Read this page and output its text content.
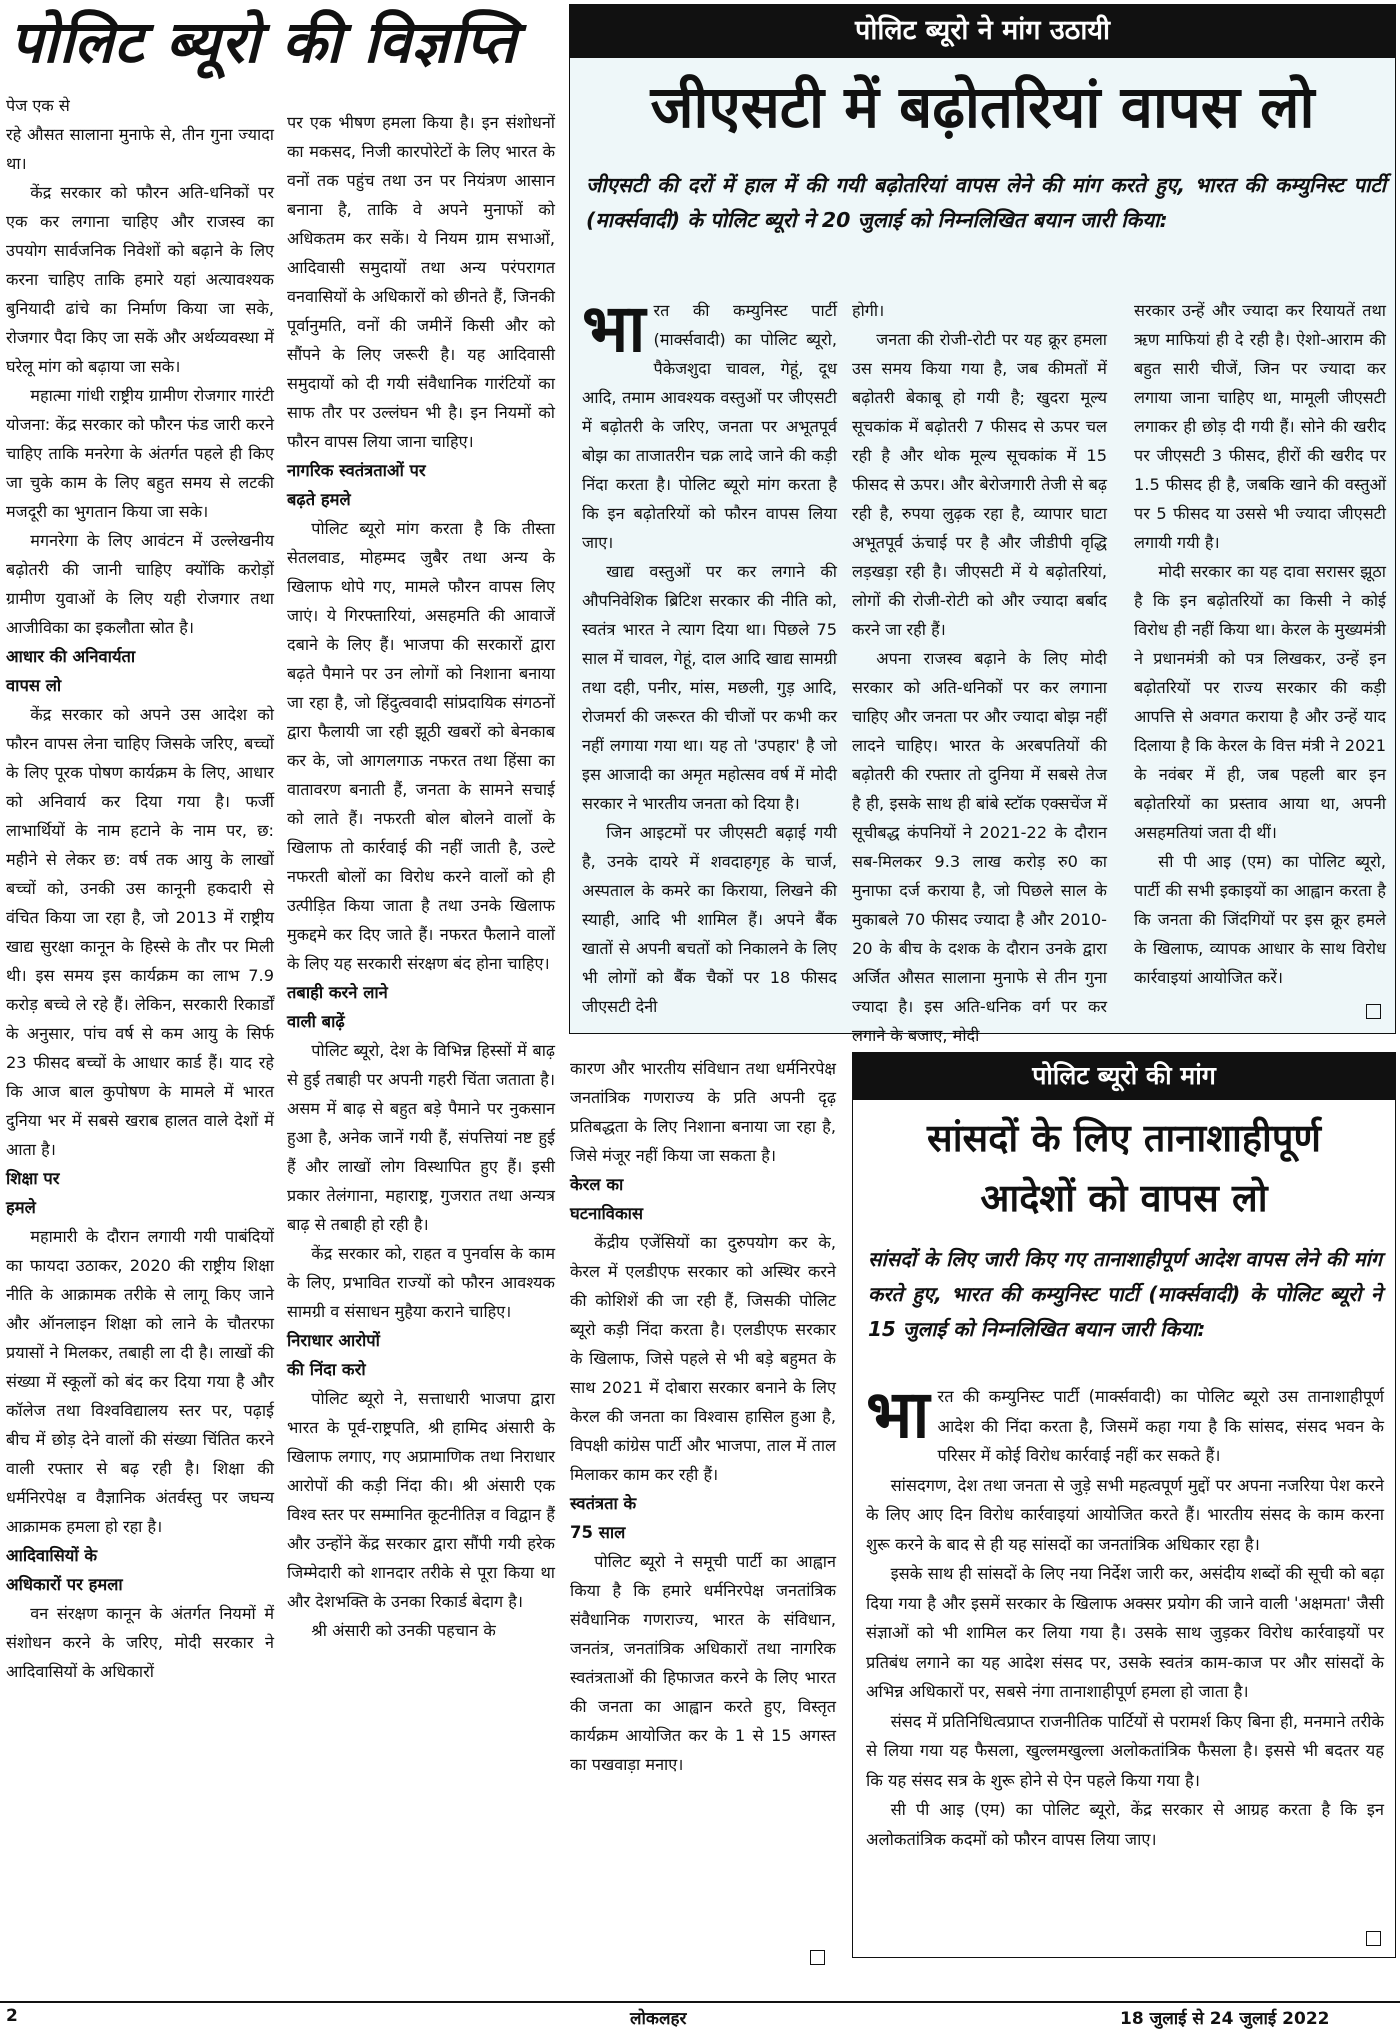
पोलिट ब्यूरो की विज्ञप्ति

पेज एक से

रहे औसत सालाना मुनाफे से, तीन गुना ज्यादा था।

केंद्र सरकार को फौरन अति-धनिकों पर एक कर लगाना चाहिए और राजस्व का उपयोग सार्वजनिक निवेशों को बढ़ाने के लिए करना चाहिए ताकि हमारे यहां अत्यावश्यक बुनियादी ढांचे का निर्माण किया जा सके, रोजगार पैदा किए जा सकें और अर्थव्यवस्था में घरेलू मांग को बढ़ाया जा सके।

महात्मा गांधी राष्ट्रीय ग्रामीण रोजगार गारंटी योजना: केंद्र सरकार को फौरन फंड जारी करने चाहिए ताकि मनरेगा के अंतर्गत पहले ही किए जा चुके काम के लिए बहुत समय से लटकी मजदूरी का भुगतान किया जा सके।

मगनरेगा के लिए आवंटन में उल्लेखनीय बढ़ोतरी की जानी चाहिए क्योंकि करोड़ों ग्रामीण युवाओं के लिए यही रोजगार तथा आजीविका का इकलौता स्रोत है।

आधार की अनिवार्यता

वापस लो

केंद्र सरकार को अपने उस आदेश को फौरन वापस लेना चाहिए जिसके जरिए, बच्चों के लिए पूरक पोषण कार्यक्रम के लिए, आधार को अनिवार्य कर दिया गया है। फर्जी लाभार्थियों के नाम हटाने के नाम पर, छ: महीने से लेकर छ: वर्ष तक आयु के लाखों बच्चों को, उनकी उस कानूनी हकदारी से वंचित किया जा रहा है, जो 2013 में राष्ट्रीय खाद्य सुरक्षा कानून के हिस्से के तौर पर मिली थी। इस समय इस कार्यक्रम का लाभ 7.9 करोड़ बच्चे ले रहे हैं। लेकिन, सरकारी रिकार्डों के अनुसार, पांच वर्ष से कम आयु के सिर्फ 23 फीसद बच्चों के आधार कार्ड हैं। याद रहे कि आज बाल कुपोषण के मामले में भारत दुनिया भर में सबसे खराब हालत वाले देशों में आता है।

शिक्षा पर

हमले

महामारी के दौरान लगायी गयी पाबंदियों का फायदा उठाकर, 2020 की राष्ट्रीय शिक्षा नीति के आक्रामक तरीके से लागू किए जाने और ऑनलाइन शिक्षा को लाने के चौतरफा प्रयासों ने मिलकर, तबाही ला दी है। लाखों की संख्या में स्कूलों को बंद कर दिया गया है और कॉलेज तथा विश्वविद्यालय स्तर पर, पढ़ाई बीच में छोड़ देने वालों की संख्या चिंतित करने वाली रफ्तार से बढ़ रही है। शिक्षा की धर्मनिरपेक्ष व वैज्ञानिक अंतर्वस्तु पर जघन्य आक्रामक हमला हो रहा है।

आदिवासियों के

अधिकारों पर हमला

वन संरक्षण कानून के अंतर्गत नियमों में संशोधन करने के जरिए, मोदी सरकार ने आदिवासियों के अधिकारों

पर एक भीषण हमला किया है। इन संशोधनों का मकसद, निजी कारपोरेटों के लिए भारत के वनों तक पहुंच तथा उन पर नियंत्रण आसान बनाना है, ताकि वे अपने मुनाफों को अधिकतम कर सकें। ये नियम ग्राम सभाओं, आदिवासी समुदायों तथा अन्य परंपरागत वनवासियों के अधिकारों को छीनते हैं, जिनकी पूर्वानुमति, वनों की जमीनें किसी और को सौंपने के लिए जरूरी है। यह आदिवासी समुदायों को दी गयी संवैधानिक गारंटियों का साफ तौर पर उल्लंघन भी है। इन नियमों को फौरन वापस लिया जाना चाहिए।

नागरिक स्वतंत्रताओं पर

बढ़ते हमले

पोलिट ब्यूरो मांग करता है कि तीस्ता सेतलवाड, मोहम्मद जुबैर तथा अन्य के खिलाफ थोपे गए, मामले फौरन वापस लिए जाएं। ये गिरफ्तारियां, असहमति की आवाजें दबाने के लिए हैं। भाजपा की सरकारों द्वारा बढ़ते पैमाने पर उन लोगों को निशाना बनाया जा रहा है, जो हिंदुत्ववादी सांप्रदायिक संगठनों द्वारा फैलायी जा रही झूठी खबरों को बेनकाब कर के, जो आगलगाऊ नफरत तथा हिंसा का वातावरण बनाती हैं, जनता के सामने सचाई को लाते हैं। नफरती बोल बोलने वालों के खिलाफ तो कार्रवाई की नहीं जाती है, उल्टे नफरती बोलों का विरोध करने वालों को ही उत्पीड़ित किया जाता है तथा उनके खिलाफ मुकद्दमे कर दिए जाते हैं। नफरत फैलाने वालों के लिए यह सरकारी संरक्षण बंद होना चाहिए।

तबाही करने लाने

वाली बाढ़ें

पोलिट ब्यूरो, देश के विभिन्न हिस्सों में बाढ़ से हुई तबाही पर अपनी गहरी चिंता जताता है। असम में बाढ़ से बहुत बड़े पैमाने पर नुकसान हुआ है, अनेक जानें गयी हैं, संपत्तियां नष्ट हुई हैं और लाखों लोग विस्थापित हुए हैं। इसी प्रकार तेलंगाना, महाराष्ट्र, गुजरात तथा अन्यत्र बाढ़ से तबाही हो रही है।

केंद्र सरकार को, राहत व पुनर्वास के काम के लिए, प्रभावित राज्यों को फौरन आवश्यक सामग्री व संसाधन मुहैया कराने चाहिए।

निराधार आरोपों

की निंदा करो

पोलिट ब्यूरो ने, सत्ताधारी भाजपा द्वारा भारत के पूर्व-राष्ट्रपति, श्री हामिद अंसारी के खिलाफ लगाए, गए अप्रामाणिक तथा निराधार आरोपों की कड़ी निंदा की। श्री अंसारी एक विश्व स्तर पर सम्मानित कूटनीतिज्ञ व विद्वान हैं और उन्होंने केंद्र सरकार द्वारा सौंपी गयी हरेक जिम्मेदारी को शानदार तरीके से पूरा किया था और देशभक्ति के उनका रिकार्ड बेदाग है।

श्री अंसारी को उनकी पहचान के

कारण और भारतीय संविधान तथा धर्मनिरपेक्ष जनतांत्रिक गणराज्य के प्रति अपनी दृढ़ प्रतिबद्धता के लिए निशाना बनाया जा रहा है, जिसे मंजूर नहीं किया जा सकता है।

केरल का

घटनाविकास

केंद्रीय एजेंसियों का दुरुपयोग कर के, केरल में एलडीएफ सरकार को अस्थिर करने की कोशिशें की जा रही हैं, जिसकी पोलिट ब्यूरो कड़ी निंदा करता है। एलडीएफ सरकार के खिलाफ, जिसे पहले से भी बड़े बहुमत के साथ 2021 में दोबारा सरकार बनाने के लिए केरल की जनता का विश्वास हासिल हुआ है, विपक्षी कांग्रेस पार्टी और भाजपा, ताल में ताल मिलाकर काम कर रही हैं।

स्वतंत्रता के

75 साल

पोलिट ब्यूरो ने समूची पार्टी का आह्वान किया है कि हमारे धर्मनिरपेक्ष जनतांत्रिक संवैधानिक गणराज्य, भारत के संविधान, जनतंत्र, जनतांत्रिक अधिकारों तथा नागरिक स्वतंत्रताओं की हिफाजत करने के लिए भारत की जनता का आह्वान करते हुए, विस्तृत कार्यक्रम आयोजित कर के 1 से 15 अगस्त का पखवाड़ा मनाए।

पोलिट ब्यूरो ने मांग उठायी
जीएसटी में बढ़ोतरियां वापस लो
जीएसटी की दरों में हाल में की गयी बढ़ोतरियां वापस लेने की मांग करते हुए, भारत की कम्युनिस्ट पार्टी (मार्क्सवादी) के पोलिट ब्यूरो ने 20 जुलाई को निम्नलिखित बयान जारी किया:

भारत की कम्युनिस्ट पार्टी (मार्क्सवादी) का पोलिट ब्यूरो, पैकेजशुदा चावल, गेहूं, दूध आदि, तमाम आवश्यक वस्तुओं पर जीएसटी में बढ़ोतरी के जरिए, जनता पर अभूतपूर्व बोझ का ताजातरीन चक्र लादे जाने की कड़ी निंदा करता है। पोलिट ब्यूरो मांग करता है कि इन बढ़ोतरियों को फौरन वापस लिया जाए।

खाद्य वस्तुओं पर कर लगाने की औपनिवेशिक ब्रिटिश सरकार की नीति को, स्वतंत्र भारत ने त्याग दिया था। पिछले 75 साल में चावल, गेहूं, दाल आदि खाद्य सामग्री तथा दही, पनीर, मांस, मछली, गुड़ आदि, रोजमर्रा की जरूरत की चीजों पर कभी कर नहीं लगाया गया था। यह तो 'उपहार' है जो इस आजादी का अमृत महोत्सव वर्ष में मोदी सरकार ने भारतीय जनता को दिया है।

जिन आइटमों पर जीएसटी बढ़ाई गयी है, उनके दायरे में शवदाहगृह के चार्ज, अस्पताल के कमरे का किराया, लिखने की स्याही, आदि भी शामिल हैं। अपने बैंक खातों से अपनी बचतों को निकालने के लिए भी लोगों को बैंक चैकों पर 18 फीसद जीएसटी देनी

होगी।

जनता की रोजी-रोटी पर यह क्रूर हमला उस समय किया गया है, जब कीमतों में बढ़ोतरी बेकाबू हो गयी है; खुदरा मूल्य सूचकांक में बढ़ोतरी 7 फीसद से ऊपर चल रही है और थोक मूल्य सूचकांक में 15 फीसद से ऊपर। और बेरोजगारी तेजी से बढ़ रही है, रुपया लुढ़क रहा है, व्यापार घाटा अभूतपूर्व ऊंचाई पर है और जीडीपी वृद्धि लड़खड़ा रही है। जीएसटी में ये बढ़ोतरियां, लोगों की रोजी-रोटी को और ज्यादा बर्बाद करने जा रही हैं।

अपना राजस्व बढ़ाने के लिए मोदी सरकार को अति-धनिकों पर कर लगाना चाहिए और जनता पर और ज्यादा बोझ नहीं लादने चाहिए। भारत के अरबपतियों की बढ़ोतरी की रफ्तार तो दुनिया में सबसे तेज है ही, इसके साथ ही बांबे स्टॉक एक्सचेंज में सूचीबद्ध कंपनियों ने 2021-22 के दौरान सब-मिलकर 9.3 लाख करोड़ रु0 का मुनाफा दर्ज कराया है, जो पिछले साल के मुकाबले 70 फीसद ज्यादा है और 2010-20 के बीच के दशक के दौरान उनके द्वारा अर्जित औसत सालाना मुनाफे से तीन गुना ज्यादा है। इस अति-धनिक वर्ग पर कर लगाने के बजाए, मोदी

सरकार उन्हें और ज्यादा कर रियायतें तथा ऋण माफियां ही दे रही है। ऐशो-आराम की बहुत सारी चीजें, जिन पर ज्यादा कर लगाया जाना चाहिए था, मामूली जीएसटी लगाकर ही छोड़ दी गयी हैं। सोने की खरीद पर जीएसटी 3 फीसद, हीरों की खरीद पर 1.5 फीसद ही है, जबकि खाने की वस्तुओं पर 5 फीसद या उससे भी ज्यादा जीएसटी लगायी गयी है।

मोदी सरकार का यह दावा सरासर झूठा है कि इन बढ़ोतरियों का किसी ने कोई विरोध ही नहीं किया था। केरल के मुख्यमंत्री ने प्रधानमंत्री को पत्र लिखकर, उन्हें इन बढ़ोतरियों पर राज्य सरकार की कड़ी आपत्ति से अवगत कराया है और उन्हें याद दिलाया है कि केरल के वित्त मंत्री ने 2021 के नवंबर में ही, जब पहली बार इन बढ़ोतरियों का प्रस्ताव आया था, अपनी असहमतियां जता दी थीं।

सी पी आइ (एम) का पोलिट ब्यूरो, पार्टी की सभी इकाइयों का आह्वान करता है कि जनता की जिंदगियों पर इस क्रूर हमले के खिलाफ, व्यापक आधार के साथ विरोध कार्रवाइयां आयोजित करें।

पोलिट ब्यूरो की मांग
सांसदों के लिए तानाशाहीपूर्ण
आदेशों को वापस लो
सांसदों के लिए जारी किए गए तानाशाहीपूर्ण आदेश वापस लेने की मांग करते हुए, भारत की कम्युनिस्ट पार्टी (मार्क्सवादी) के पोलिट ब्यूरो ने 15 जुलाई को निम्नलिखित बयान जारी किया:

भारत की कम्युनिस्ट पार्टी (मार्क्सवादी) का पोलिट ब्यूरो उस तानाशाहीपूर्ण आदेश की निंदा करता है, जिसमें कहा गया है कि सांसद, संसद भवन के परिसर में कोई विरोध कार्रवाई नहीं कर सकते हैं।

सांसदगण, देश तथा जनता से जुड़े सभी महत्वपूर्ण मुद्दों पर अपना नजरिया पेश करने के लिए आए दिन विरोध कार्रवाइयां आयोजित करते हैं। भारतीय संसद के काम करना शुरू करने के बाद से ही यह सांसदों का जनतांत्रिक अधिकार रहा है।

इसके साथ ही सांसदों के लिए नया निर्देश जारी कर, असंदीय शब्दों की सूची को बढ़ा दिया गया है और इसमें सरकार के खिलाफ अक्सर प्रयोग की जाने वाली 'अक्षमता' जैसी संज्ञाओं को भी शामिल कर लिया गया है। उसके साथ जुड़कर विरोध कार्रवाइयों पर प्रतिबंध लगाने का यह आदेश संसद पर, उसके स्वतंत्र काम-काज पर और सांसदों के अभिन्न अधिकारों पर, सबसे नंगा तानाशाहीपूर्ण हमला हो जाता है।

संसद में प्रतिनिधित्वप्राप्त राजनीतिक पार्टियों से परामर्श किए बिना ही, मनमाने तरीके से लिया गया यह फैसला, खुल्लमखुल्ला अलोकतांत्रिक फैसला है। इससे भी बदतर यह कि यह संसद सत्र के शुरू होने से ऐन पहले किया गया है।

सी पी आइ (एम) का पोलिट ब्यूरो, केंद्र सरकार से आग्रह करता है कि इन अलोकतांत्रिक कदमों को फौरन वापस लिया जाए।

2	लोकलहर	18 जुलाई से 24 जुलाई 2022
